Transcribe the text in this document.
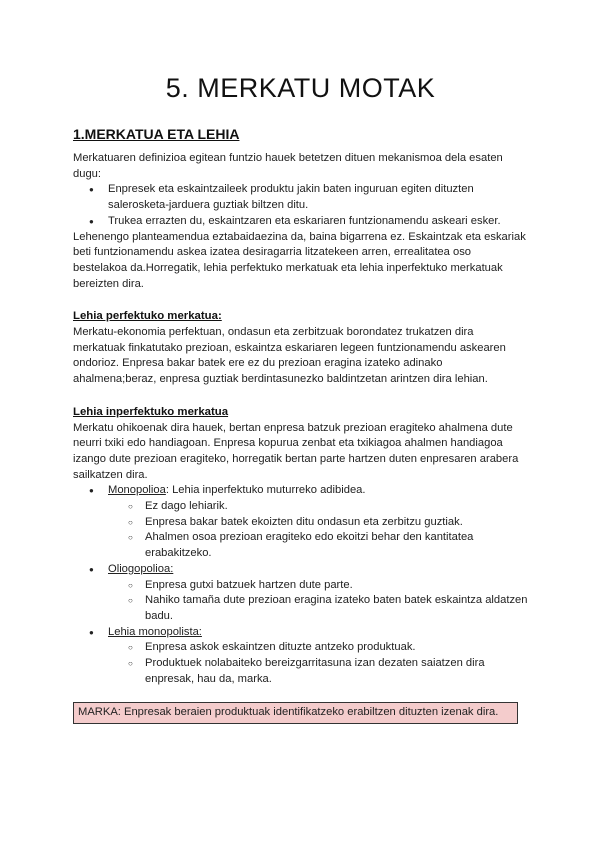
5. MERKATU MOTAK
1.MERKATUA ETA LEHIA

Merkatuaren definizioa egitean funtzio hauek betetzen dituen mekanismoa dela esaten dugu:

● Enpresek eta eskaintzaileek produktu jakin baten inguruan egiten dituzten salerosketa-jarduera guztiak biltzen ditu.
● Trukea errazten du, eskaintzaren eta eskariaren funtzionamendu askeari esker.

Lehenengo planteamendua eztabaidaezina da, baina bigarrena ez. Eskaintzak eta eskariak beti funtzionamendu askea izatea desiragarria litzatekeen arren, errealitatea oso bestelakoa da.Horregatik, lehia perfektuko merkatuak eta lehia inperfektuko merkatuak bereizten dira.

Lehia perfektuko merkatua:

Merkatu-ekonomia perfektuan, ondasun eta zerbitzuak borondatez trukatzen dira merkatuak finkatutako prezioan, eskaintza eskariaren legeen funtzionamendu askearen ondorioz. Enpresa bakar batek ere ez du prezioan eragina izateko adinako ahalmena;beraz, enpresa guztiak berdintasunezko baldintzetan arintzen dira lehian.

Lehia inperfektuko merkatua

Merkatu ohikoenak dira hauek, bertan enpresa batzuk prezioan eragiteko ahalmena dute neurri txiki edo handiagoan. Enpresa kopurua zenbat eta txikiagoa ahalmen handiagoa izango dute prezioan eragiteko, horregatik bertan parte hartzen duten enpresaren arabera sailkatzen dira.

● Monopolioa: Lehia inperfektuko muturreko adibidea.
○ Ez dago lehiarik.
○ Enpresa bakar batek ekoizten ditu ondasun eta zerbitzu guztiak.
○ Ahalmen osoa prezioan eragiteko edo ekoitzi behar den kantitatea erabakitzeko.
● Oliogopolioa:
○ Enpresa gutxi batzuek hartzen dute parte.
○ Nahiko tamaña dute prezioan eragina izateko baten batek eskaintza aldatzen badu.
● Lehia monopolista:
○ Enpresa askok eskaintzen dituzte antzeko produktuak.
○ Produktuek nolabaiteko bereizgarritasuna izan dezaten saiatzen dira enpresak, hau da, marka.
MARKA: Enpresak beraien produktuak identifikatzeko erabiltzen dituzten izenak dira.
